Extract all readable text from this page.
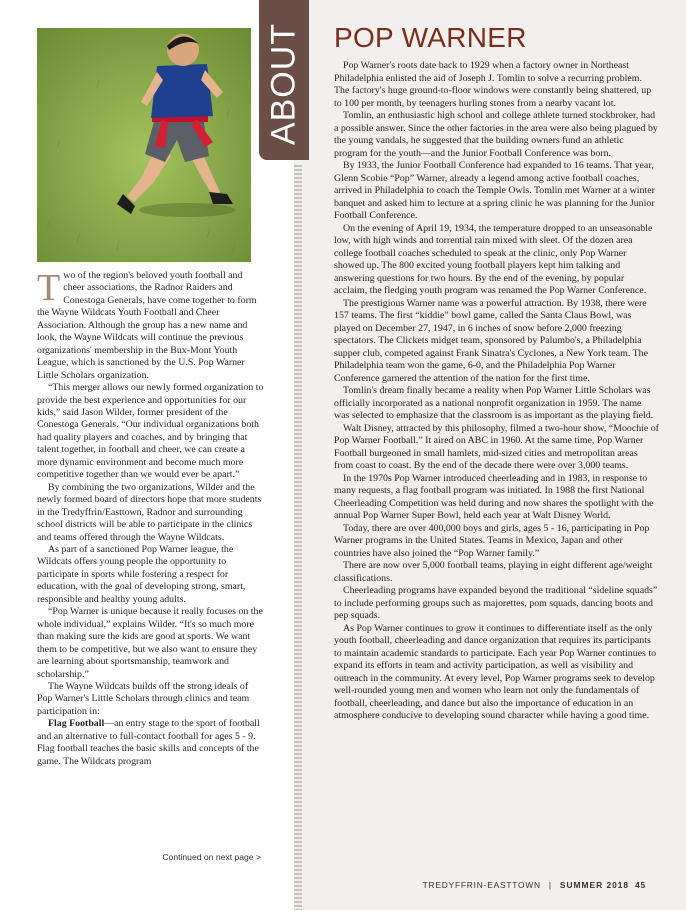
Two of the region's beloved youth football and cheer associations, the Radnor Raiders and Conestoga Generals, have come together to form the Wayne Wildcats Youth Football and Cheer Association. Although the group has a new name and look, the Wayne Wildcats will continue the previous organizations' membership in the Bux-Mont Youth League, which is sanctioned by the U.S. Pop Warner Little Scholars organization.

“This merger allows our newly formed organization to provide the best experience and opportunities for our kids,” said Jason Wilder, former president of the Conestoga Generals. “Our individual organizations both had quality players and coaches, and by bringing that talent together, in football and cheer, we can create a more dynamic environment and become much more competitive together than we would ever be apart.”

By combining the two organizations, Wilder and the newly formed board of directors hope that more students in the Tredyffrin/Easttown, Radnor and surrounding school districts will be able to participate in the clinics and teams offered through the Wayne Wildcats.

As part of a sanctioned Pop Warner league, the Wildcats offers young people the opportunity to participate in sports while fostering a respect for education, with the goal of developing strong, smart, responsible and healthy young adults.

“Pop Warner is unique because it really focuses on the whole individual,” explains Wilder. “It's so much more than making sure the kids are good at sports. We want them to be competitive, but we also want to ensure they are learning about sportsmanship, teamwork and scholarship.”

The Wayne Wildcats builds off the strong ideals of Pop Warner's Little Scholars through clinics and team participation in:

Flag Football—an entry stage to the sport of football and an alternative to full-contact football for ages 5 - 9. Flag football teaches the basic skills and concepts of the game. The Wildcats program

Continued on next page >
ABOUT POP WARNER

Pop Warner's roots date back to 1929 when a factory owner in Northeast Philadelphia enlisted the aid of Joseph J. Tomlin to solve a recurring problem. The factory's huge ground-to-floor windows were constantly being shattered, up to 100 per month, by teenagers hurling stones from a nearby vacant lot.

Tomlin, an enthusiastic high school and college athlete turned stockbroker, had a possible answer. Since the other factories in the area were also being plagued by the young vandals, he suggested that the building owners fund an athletic program for the youth—and the Junior Football Conference was born.

By 1933, the Junior Football Conference had expanded to 16 teams. That year, Glenn Scobie “Pop” Warner, already a legend among active football coaches, arrived in Philadelphia to coach the Temple Owls. Tomlin met Warner at a winter banquet and asked him to lecture at a spring clinic he was planning for the Junior Football Conference.

On the evening of April 19, 1934, the temperature dropped to an unseasonable low, with high winds and torrential rain mixed with sleet. Of the dozen area college football coaches scheduled to speak at the clinic, only Pop Warner showed up. The 800 excited young football players kept him talking and answering questions for two hours. By the end of the evening, by popular acclaim, the fledging youth program was renamed the Pop Warner Conference.

The prestigious Warner name was a powerful attraction. By 1938, there were 157 teams. The first “kiddie” bowl game, called the Santa Claus Bowl, was played on December 27, 1947, in 6 inches of snow before 2,000 freezing spectators. The Clickets midget team, sponsored by Palumbo's, a Philadelphia supper club, competed against Frank Sinatra's Cyclones, a New York team. The Philadelphia team won the game, 6-0, and the Philadelphia Pop Warner Conference garnered the attention of the nation for the first time.

Tomlin's dream finally became a reality when Pop Warner Little Scholars was officially incorporated as a national nonprofit organization in 1959. The name was selected to emphasize that the classroom is as important as the playing field.

Walt Disney, attracted by this philosophy, filmed a two-hour show, “Moochie of Pop Warner Football.” It aired on ABC in 1960. At the same time, Pop Warner Football burgeoned in small hamlets, mid-sized cities and metropolitan areas from coast to coast. By the end of the decade there were over 3,000 teams.

In the 1970s Pop Warner introduced cheerleading and in 1983, in response to many requests, a flag football program was initiated. In 1988 the first National Cheerleading Competition was held during and now shares the spotlight with the annual Pop Warner Super Bowl, held each year at Walt Disney World.

Today, there are over 400,000 boys and girls, ages 5 - 16, participating in Pop Warner programs in the United States. Teams in Mexico, Japan and other countries have also joined the “Pop Warner family.”

There are now over 5,000 football teams, playing in eight different age/weight classifications.

Cheerleading programs have expanded beyond the traditional “sideline squads” to include performing groups such as majorettes, pom squads, dancing boots and pep squads.

As Pop Warner continues to grow it continues to differentiate itself as the only youth football, cheerleading and dance organization that requires its participants to maintain academic standards to participate. Each year Pop Warner continues to expand its efforts in team and activity participation, as well as visibility and outreach in the community. At every level, Pop Warner programs seek to develop well-rounded young men and women who learn not only the fundamentals of football, cheerleading, and dance but also the importance of education in an atmosphere conducive to developing sound character while having a good time.

TREDYFFRIN-EASTTOWN | SUMMER 2018 45
